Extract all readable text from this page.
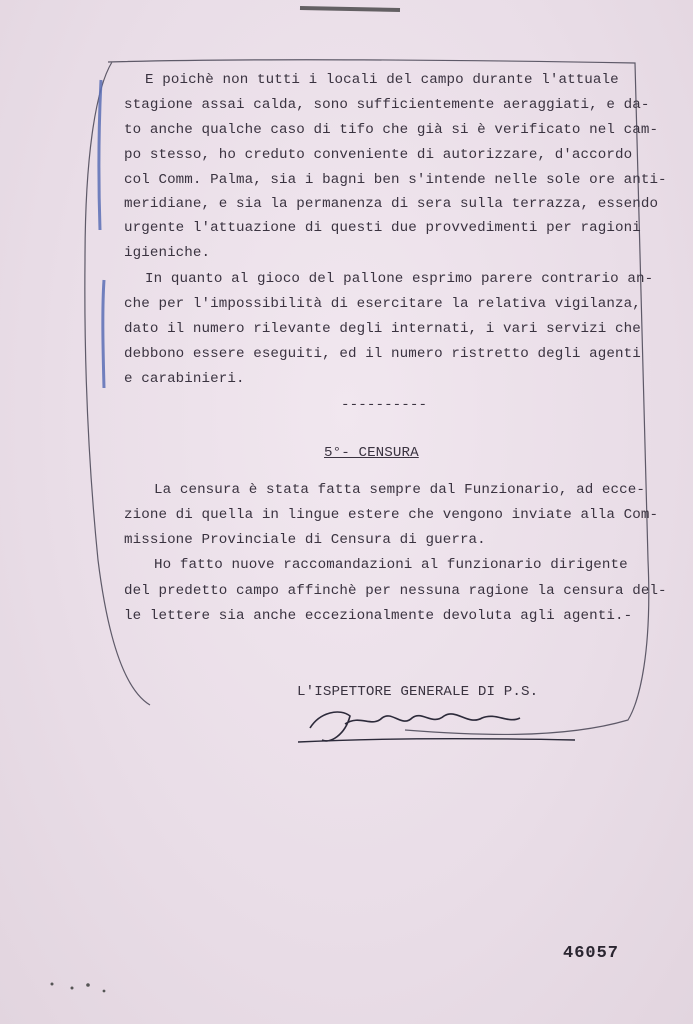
E poichè non tutti i locali del campo durante l'attuale
stagione assai calda, sono sufficientemente aeraggiati, e da-
to anche qualche caso di tifo che già si è verificato nel cam-
po stesso, ho creduto conveniente di autorizzare, d'accordo
col Comm. Palma, sia i bagni ben s'intende nelle sole ore anti-
meridiane, e sia la permanenza di sera sulla terrazza, essendo
urgente l'attuazione di questi due provvedimenti per ragioni
igieniche.
In quanto al gioco del pallone esprimo parere contrario an-
che per l'impossibilità di esercitare la relativa vigilanza,
dato il numero rilevante degli internati, i vari servizi che
debbono essere eseguiti, ed il numero ristretto degli agenti
e carabinieri.
----------
5°- CENSURA
La censura è stata fatta sempre dal Funzionario, ad ecce-
zione di quella in lingue estere che vengono inviate alla Com-
missione Provinciale di Censura di guerra.
Ho fatto nuove raccomandazioni al funzionario dirigente
del predetto campo affinchè per nessuna ragione la censura del-
le lettere sia anche eccezionalmente devoluta agli agenti.-
L'ISPETTORE GENERALE DI P.S.
46057
